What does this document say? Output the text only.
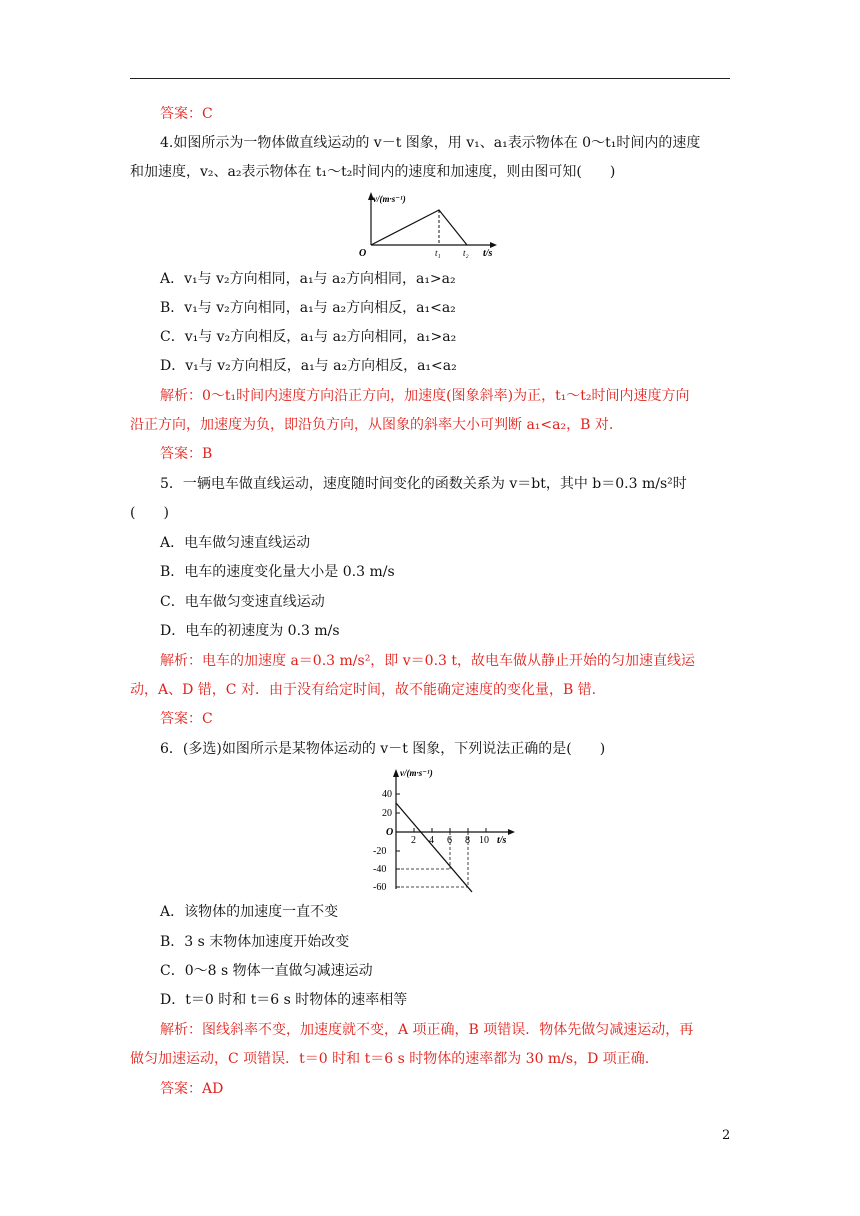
答案：C
4.如图所示为一物体做直线运动的 v－t 图象，用 v₁、a₁表示物体在 0～t₁时间内的速度
和加速度，v₂、a₂表示物体在 t₁～t₂时间内的速度和加速度，则由图可知(　　)
v/(m·s⁻¹)
O	t₁ t₂ t/s
A．v₁与 v₂方向相同，a₁与 a₂方向相同，a₁>a₂
B．v₁与 v₂方向相同，a₁与 a₂方向相反，a₁<a₂
C．v₁与 v₂方向相反，a₁与 a₂方向相同，a₁>a₂
D．v₁与 v₂方向相反，a₁与 a₂方向相反，a₁<a₂
解析：0～t₁时间内速度方向沿正方向，加速度(图象斜率)为正，t₁～t₂时间内速度方向
沿正方向，加速度为负，即沿负方向，从图象的斜率大小可判断 a₁<a₂，B 对.
答案：B
5．一辆电车做直线运动，速度随时间变化的函数关系为 v＝bt，其中 b＝0.3 m/s²时
(　　)
A．电车做匀速直线运动
B．电车的速度变化量大小是 0.3 m/s
C．电车做匀变速直线运动
D．电车的初速度为 0.3 m/s
解析：电车的加速度 a＝0.3 m/s²，即 v＝0.3 t，故电车做从静止开始的匀加速直线运
动，A、D 错，C 对．由于没有给定时间，故不能确定速度的变化量，B 错.
答案：C
6．(多选)如图所示是某物体运动的 v－t 图象，下列说法正确的是(　　)
v/(m·s⁻¹)
40
20
O
-20
-40
-60
2 4 6 8 10 t/s
A．该物体的加速度一直不变
B．3 s 末物体加速度开始改变
C．0～8 s 物体一直做匀减速运动
D．t＝0 时和 t＝6 s 时物体的速率相等
解析：图线斜率不变，加速度就不变，A 项正确，B 项错误．物体先做匀减速运动，再
做匀加速运动，C 项错误．t＝0 时和 t＝6 s 时物体的速率都为 30 m/s，D 项正确.
答案：AD
2
